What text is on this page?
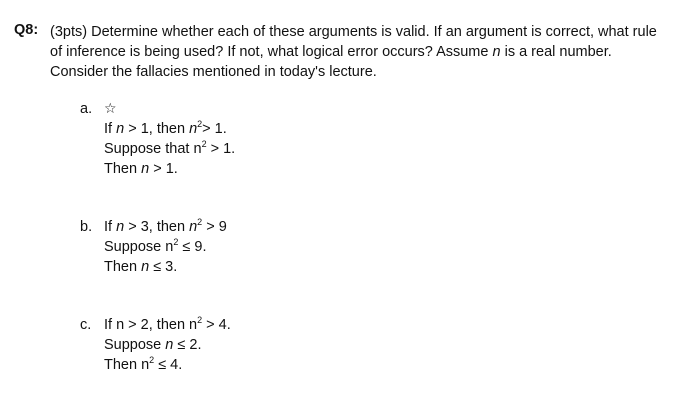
Q8: (3pts) Determine whether each of these arguments is valid. If an argument is correct, what rule
of inference is being used? If not, what logical error occurs? Assume n is a real number.
Consider the fallacies mentioned in today's lecture.
a. ☆
If n > 1, then $n^2> 1$.
Suppose that $n^2 > 1$.
Then n > 1.
b. If n > 3, then $n^2 > 9$
Suppose $n^2 \le 9$.
Then n ≤ 3.
c. If n > 2, then $n^2 > 4$.
Suppose n ≤ 2.
Then $n^2 \le 4$.
